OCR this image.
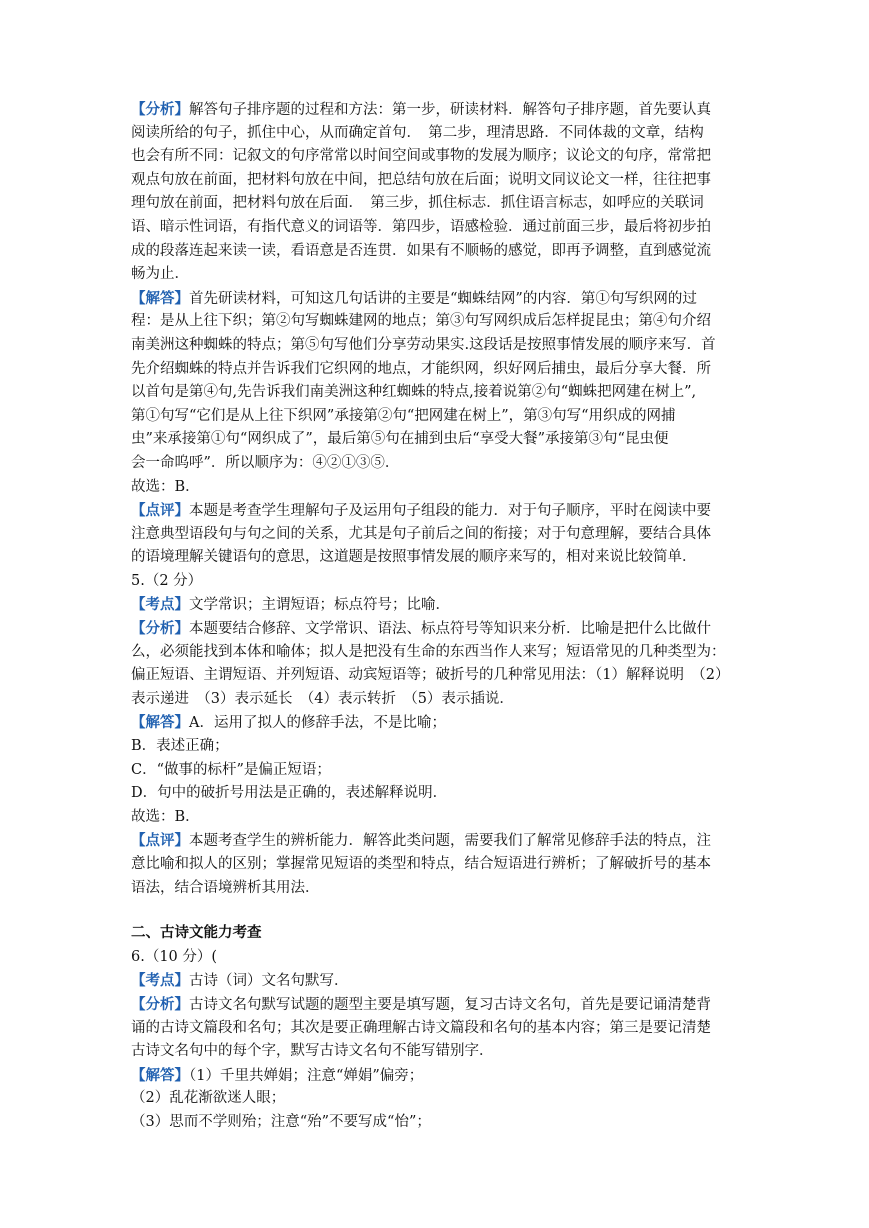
【分析】解答句子排序题的过程和方法：第一步，研读材料．解答句子排序题，首先要认真
阅读所给的句子，抓住中心，从而确定首句．　第二步，理清思路．不同体裁的文章，结构
也会有所不同：记叙文的句序常常以时间空间或事物的发展为顺序；议论文的句序，常常把
观点句放在前面，把材料句放在中间，把总结句放在后面；说明文同议论文一样，往往把事
理句放在前面，把材料句放在后面．　第三步，抓住标志．抓住语言标志，如呼应的关联词
语、暗示性词语，有指代意义的词语等．第四步，语感检验．通过前面三步，最后将初步拍
成的段落连起来读一读，看语意是否连贯．如果有不顺畅的感觉，即再予调整，直到感觉流
畅为止．
【解答】首先研读材料，可知这几句话讲的主要是“蜘蛛结网”的内容．第①句写织网的过
程：是从上往下织；第②句写蜘蛛建网的地点；第③句写网织成后怎样捉昆虫；第④句介绍
南美洲这种蜘蛛的特点；第⑤句写他们分享劳动果实.这段话是按照事情发展的顺序来写．首
先介绍蜘蛛的特点并告诉我们它织网的地点，才能织网，织好网后捕虫，最后分享大餐．所
以首句是第④句,先告诉我们南美洲这种红蜘蛛的特点,接着说第②句“蜘蛛把网建在树上”,
第①句写“它们是从上往下织网”承接第②句“把网建在树上”，第③句写“用织成的网捕
虫”来承接第①句“网织成了”，最后第⑤句在捕到虫后“享受大餐”承接第③句“昆虫便
会一命呜呼”．所以顺序为：④②①③⑤．
故选：B．
【点评】本题是考查学生理解句子及运用句子组段的能力．对于句子顺序，平时在阅读中要
注意典型语段句与句之间的关系，尤其是句子前后之间的衔接；对于句意理解，要结合具体
的语境理解关键语句的意思，这道题是按照事情发展的顺序来写的，相对来说比较简单．
5.（2 分）
【考点】文学常识；主谓短语；标点符号；比喻．
【分析】本题要结合修辞、文学常识、语法、标点符号等知识来分析．比喻是把什么比做什
么，必须能找到本体和喻体；拟人是把没有生命的东西当作人来写；短语常见的几种类型为：
偏正短语、主谓短语、并列短语、动宾短语等；破折号的几种常见用法：（1）解释说明　（2）
表示递进　（3）表示延长　（4）表示转折　（5）表示插说．
【解答】A．运用了拟人的修辞手法，不是比喻；
B．表述正确；
C．“做事的标杆”是偏正短语；
D．句中的破折号用法是正确的，表述解释说明．
故选：B．
【点评】本题考查学生的辨析能力．解答此类问题，需要我们了解常见修辞手法的特点，注
意比喻和拟人的区别；掌握常见短语的类型和特点，结合短语进行辨析；了解破折号的基本
语法，结合语境辨析其用法．
二、古诗文能力考查
6.（10 分）(
【考点】古诗（词）文名句默写．
【分析】古诗文名句默写试题的题型主要是填写题，复习古诗文名句，首先是要记诵清楚背
诵的古诗文篇段和名句；其次是要正确理解古诗文篇段和名句的基本内容；第三是要记清楚
古诗文名句中的每个字，默写古诗文名句不能写错别字．
【解答】（1）千里共婵娟；注意“婵娟”偏旁；
（2）乱花渐欲迷人眼；
（3）思而不学则殆；注意“殆”不要写成“怡”；
